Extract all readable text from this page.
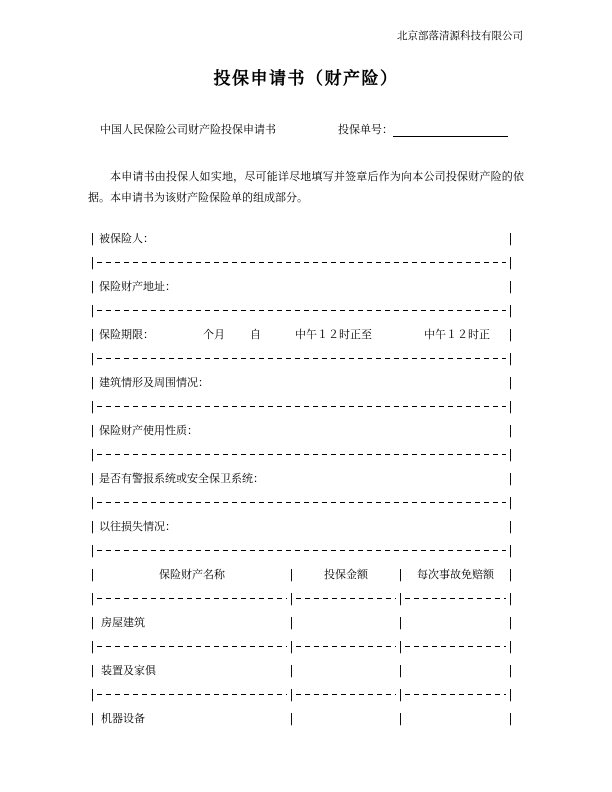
北京部落清源科技有限公司
投保申请书（财产险）
中国人民保险公司财产险投保申请书	投保单号：

本申请书由投保人如实地，尽可能详尽地填写并签章后作为向本公司投保财产险的依据。本申请书为该财产险保险单的组成部分。

| 被保险人：	|
|	|
| 保险财产地址：	|
|	|
| 保险期限：	个月 自	中午１２时正至	中午１２时正 |
|	|
| 建筑情形及周围情况：	|
|	|
| 保险财产使用性质：	|
|	|
| 是否有警报系统或安全保卫系统：	|
|	|
| 以往损失情况：	|
|	|
|	保险财产名称	|	投保金额	|	每次事故免赔额	|
|	|	|	|
| 房屋建筑	|	|	|
|	|	|	|
| 装置及家俱	|	|	|
|	|	|	|
| 机器设备	|	|	|
